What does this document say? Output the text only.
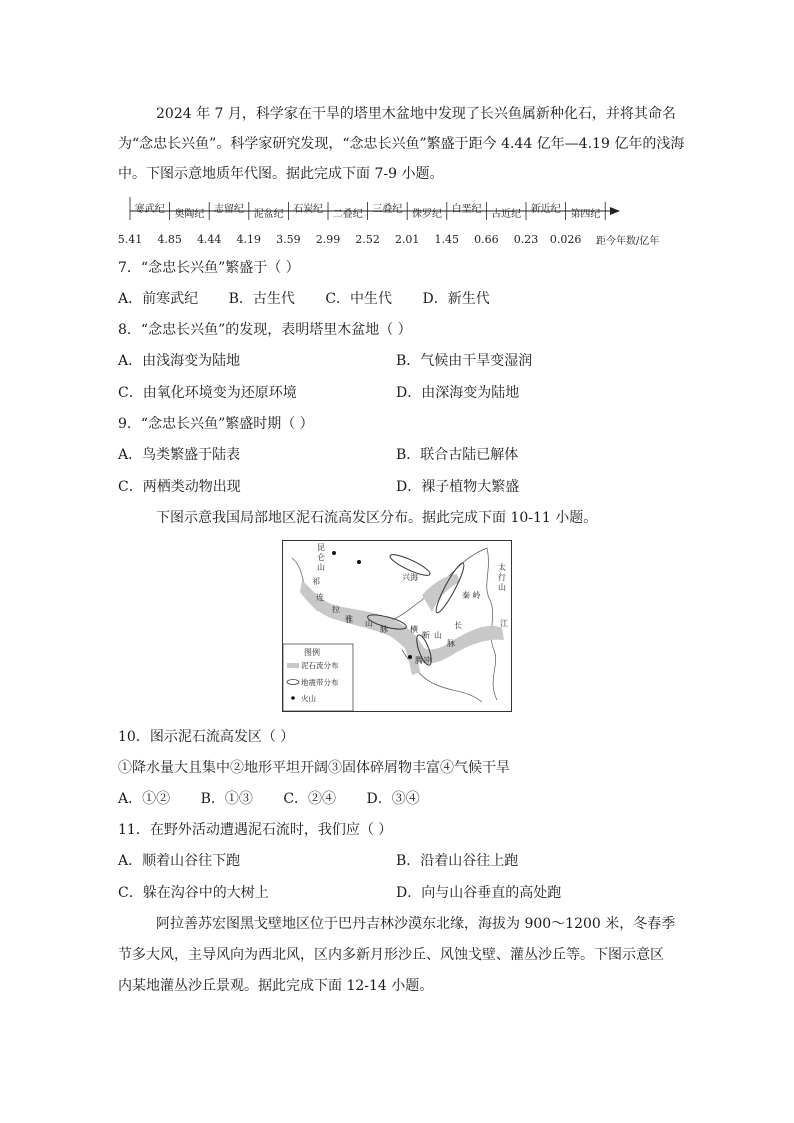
2024 年 7 月，科学家在干旱的塔里木盆地中发现了长兴鱼属新种化石，并将其命名
为“念忠长兴鱼”。科学家研究发现，“念忠长兴鱼”繁盛于距今 4.44 亿年—4.19 亿年的浅海
中。下图示意地质年代图。据此完成下面 7-9 小题。
寒武纪 奥陶纪 志留纪 泥盆纪 石炭纪 二叠纪 三叠纪 侏罗纪 白垩纪 古近纪 新近纪 第四纪
5.41 4.85 4.44 4.19 3.59 2.99 2.52 2.01 1.45 0.66 0.23 0.026 距今年数/亿年
7．“念忠长兴鱼”繁盛于（ ）
A．前寒武纪 B．古生代 C．中生代 D．新生代
8．“念忠长兴鱼”的发现，表明塔里木盆地（ ）
A．由浅海变为陆地	B．气候由干旱变湿润
C．由氧化环境变为还原环境	D．由深海变为陆地
9．“念忠长兴鱼”繁盛时期（ ）
A．鸟类繁盛于陆表	B．联合古陆已解体
C．两栖类动物出现	D．裸子植物大繁盛
下图示意我国局部地区泥石流高发区分布。据此完成下面 10-11 小题。
昆
仑
山
祁
连
兴海
太
行
山
秦 岭
拉
雅 山
脉	横
断 山
脉
长	江
腾冲
图例
泥石流分布
地震带分布
火山
10．图示泥石流高发区（ ）
①降水量大且集中②地形平坦开阔③固体碎屑物丰富④气候干旱
A．①② B．①③ C．②④ D．③④
11．在野外活动遭遇泥石流时，我们应（ ）
A．顺着山谷往下跑	B．沿着山谷往上跑
C．躲在沟谷中的大树上	D．向与山谷垂直的高处跑
阿拉善苏宏图黑戈壁地区位于巴丹吉林沙漠东北缘，海拔为 900～1200 米，冬春季
节多大风，主导风向为西北风，区内多新月形沙丘、风蚀戈壁、灌丛沙丘等。下图示意区
内某地灌丛沙丘景观。据此完成下面 12-14 小题。
